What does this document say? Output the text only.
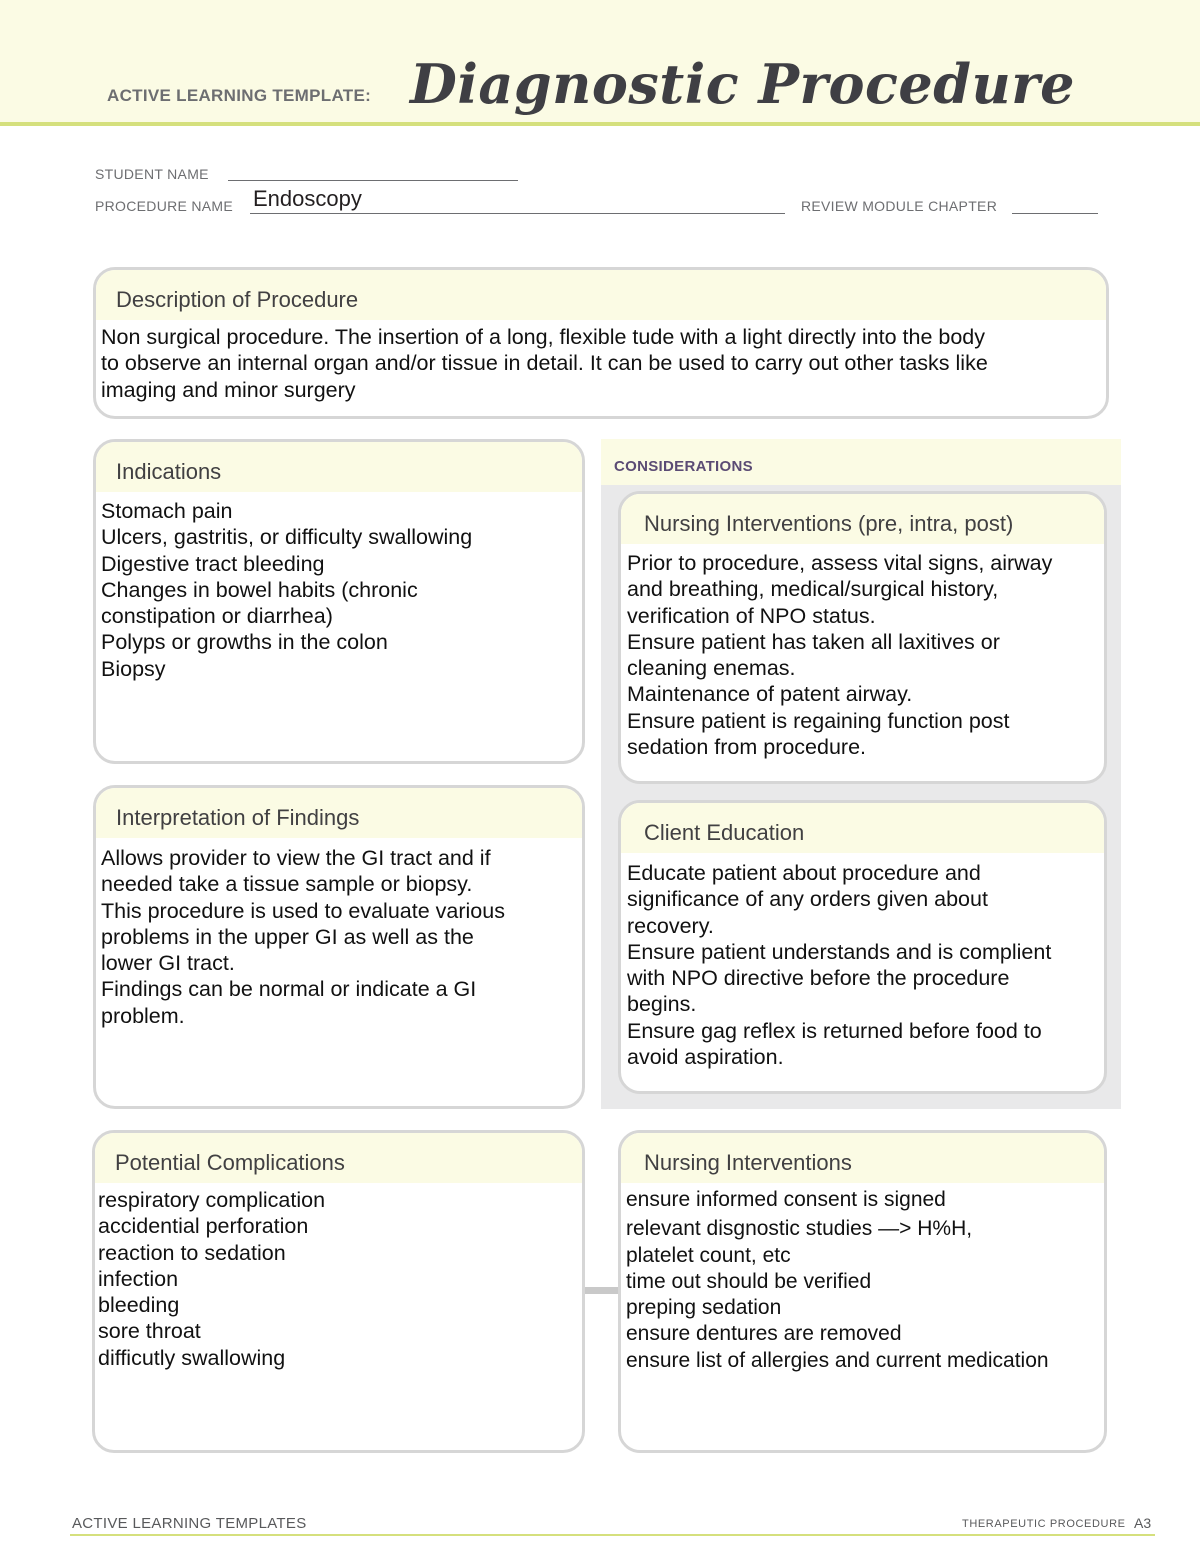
ACTIVE LEARNING TEMPLATE: Diagnostic Procedure
STUDENT NAME
PROCEDURE NAME Endoscopy	REVIEW MODULE CHAPTER
Description of Procedure
Non surgical procedure. The insertion of a long, flexible tude with a light directly into the body
to observe an internal organ and/or tissue in detail. It can be used to carry out other tasks like
imaging and minor surgery
Indications
Stomach pain
Ulcers, gastritis, or difficulty swallowing
Digestive tract bleeding
Changes in bowel habits (chronic
constipation or diarrhea)
Polyps or growths in the colon
Biopsy
CONSIDERATIONS
Nursing Interventions (pre, intra, post)
Prior to procedure, assess vital signs, airway
and breathing, medical/surgical history,
verification of NPO status.
Ensure patient has taken all laxitives or
cleaning enemas.
Maintenance of patent airway.
Ensure patient is regaining function post
sedation from procedure.
Interpretation of Findings
Allows provider to view the GI tract and if
needed take a tissue sample or biopsy.
This procedure is used to evaluate various
problems in the upper GI as well as the
lower GI tract.
Findings can be normal or indicate a GI
problem.
Client Education
Educate patient about procedure and
significance of any orders given about
recovery.
Ensure patient understands and is complient
with NPO directive before the procedure
begins.
Ensure gag reflex is returned before food to
avoid aspiration.
Potential Complications
respiratory complication
accidential perforation
reaction to sedation
infection
bleeding
sore throat
difficutly swallowing
Nursing Interventions
ensure informed consent is signed
relevant disgnostic studies —> H%H,
platelet count, etc
time out should be verified
preping sedation
ensure dentures are removed
ensure list of allergies and current medication
ACTIVE LEARNING TEMPLATES	THERAPEUTIC PROCEDURE A3
